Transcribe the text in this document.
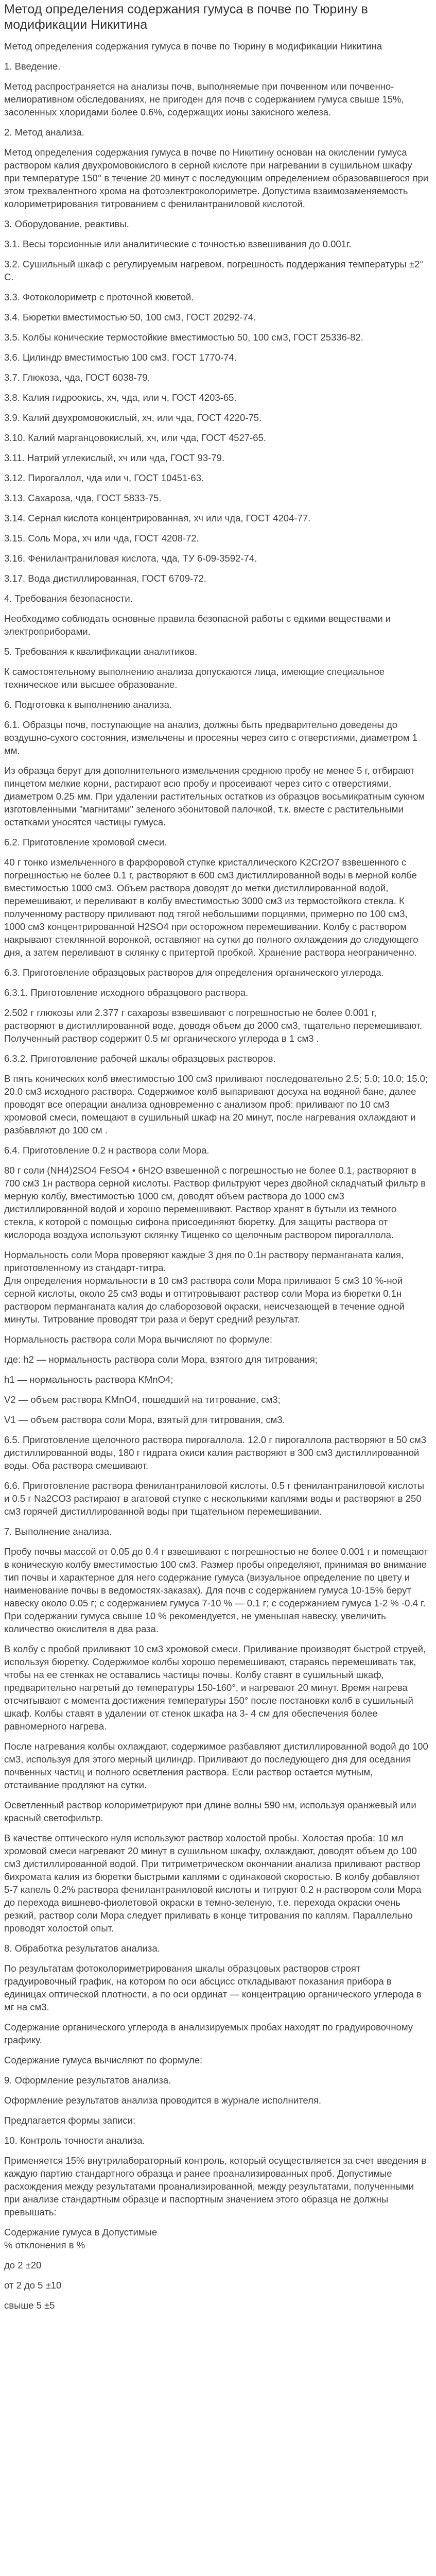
Метод определения содержания гумуса в почве по Тюрину в модификации Никитина

Метод определения содержания гумуса в почве по Тюрину в модификации Никитина

1. Введение.

Метод распространяется на анализы почв, выполняемые при почвенном или почвенно-мелиоративном обследованиях, не пригоден для почв с содержанием гумуса свыше 15%, засоленных хлоридами более 0.6%, содержащих ионы закисного железа.

2. Метод анализа.

Метод определения содержания гумуса в почве по Никитину основан на окислении гумуса раствором калия двухромовокислого в серной кислоте при нагревании в сушильном шкафу при температуре 150° в течение 20 минут с последующим определением образовавшегося при этом трехвалентного хрома на фотоэлектроколориметре. Допустима взаимозаменяемость колориметрирования титрованием с фенилантраниловой кислотой.

3. Оборудование, реактивы.

3.1. Весы торсионные или аналитические с точностью взвешивания до 0.001г.

3.2. Сушильный шкаф с регулируемым нагревом, погрешность поддержания температуры ±2° С.

3.3. Фотоколориметр с проточной кюветой.

3.4. Бюретки вместимостью 50, 100 см3, ГОСТ 20292-74.

3.5. Колбы конические термостойкие вместимостью 50, 100 см3, ГОСТ 25336-82.

3.6. Цилиндр вместимостью 100 см3, ГОСТ 1770-74.

3.7. Глюкоза, чда, ГОСТ 6038-79.

3.8. Калия гидроокись, хч, чда, или ч, ГОСТ 4203-65.

3.9. Калий двухромовокислый, хч, или чда, ГОСТ 4220-75.

3.10. Калий марганцовокислый, хч, или чда, ГОСТ 4527-65.

3.11. Натрий углекислый, хч или чда, ГОСТ 93-79.

3.12. Пирогаллол, чда или ч, ГОСТ 10451-63.

3.13. Сахароза, чда, ГОСТ 5833-75.

3.14. Серная кислота концентрированная, хч или чда, ГОСТ 4204-77.

3.15. Соль Мора, хч или чда, ГОСТ 4208-72.

3.16. Фенилантраниловая кислота, чда, ТУ 6-09-3592-74.

3.17. Вода дистиллированная, ГОСТ 6709-72.

4. Требования безопасности.

Необходимо соблюдать основные правила безопасной работы с едкими веществами и электроприборами.

5. Требования к квалификации аналитиков.

К самостоятельному выполнению анализа допускаются лица, имеющие специальное техническое или высшее образование.

6. Подготовка к выполнению анализа.

6.1. Образцы почв, поступающие на анализ, должны быть предварительно доведены до воздушно-сухого состояния, измельчены и просеяны через сито с отверстиями, диаметром 1 мм.

Из образца берут для дополнительного измельчения среднюю пробу не менее 5 г, отбирают пинцетом мелкие корни, растирают всю пробу и просеивают через сито с отверстиями, диаметром 0.25 мм. При удалении растительных остатков из образцов восьмикратным сукном изготовленными "магнитами" зеленого эбонитовой палочкой, т.к. вместе с растительными остатками уносятся частицы гумуса.

6.2. Приготовление хромовой смеси.

40 г тонко измельченного в фарфоровой ступке кристаллического K2Cr2O7 взвешенного с погрешностью не более 0.1 г, растворяют в 600 см3 дистиллированной воды в мерной колбе вместимостью 1000 см3. Объем раствора доводят до метки дистиллированной водой, перемешивают, и переливают в колбу вместимостью 3000 см3 из термостойкого стекла. К полученному раствору приливают под тягой небольшими порциями, примерно по 100 см3, 1000 см3 концентрированной H2SO4 при осторожном перемешивании. Колбу с раствором накрывают стеклянной воронкой, оставляют на сутки до полного охлаждения до следующего дня, а затем переливают в склянку с притертой пробкой. Хранение раствора неограниченно.

6.3. Приготовление образцовых растворов для определения органического углерода.

6.3.1. Приготовление исходного образцового раствора.

2.502 г глюкозы или 2.377 г сахарозы взвешивают с погрешностью не более 0.001 г, растворяют в дистиллированной воде, доводя объем до 2000 см3, тщательно перемешивают. Полученный раствор содержит 0.5 мг органического углерода в 1 см3 .

6.3.2. Приготовление рабочей шкалы образцовых растворов.

В пять конических колб вместимостью 100 см3 приливают последовательно 2.5; 5.0; 10.0; 15.0; 20.0 см3 исходного раствора. Содержимое колб выпаривают досуха на водяной бане, далее проводят все операции анализа одновременно с анализом проб: приливают по 10 см3 хромовой смеси, помещают в сушильный шкаф на 20 минут, после нагревания охлаждают и разбавляют до 100 см .

6.4. Приготовление 0.2 н раствора соли Мора.

80 г соли (NH4)2SO4 FeSO4 • 6H2O взвешенной с погрешностью не более 0.1, растворяют в 700 см3 1н раствора серной кислоты. Раствор фильтруют через двойной складчатый фильтр в мерную колбу, вместимостью 1000 см, доводят объем раствора до 1000 см3 дистиллированной водой и хорошо перемешивают. Раствор хранят в бутыли из темного стекла, к которой с помощью сифона присоединяют бюретку. Для защиты раствора от кислорода воздуха используют склянку Тищенко со щелочным раствором пирогаллола.

Нормальность соли Мора проверяют каждые 3 дня по 0.1н раствору перманганата калия, приготовленному из стандарт-титра.
Для определения нормальности в 10 см3 раствора соли Мора приливают 5 см3 10 %-ной серной кислоты, около 25 см3 воды и оттитровывают раствор соли Мора из бюретки 0.1н раствором перманганата калия до слаборозовой окраски, неисчезающей в течение одной минуты. Титрование проводят три раза и берут средний результат.

Нормальность раствора соли Мора вычисляют по формуле:

где: h2 — нормальность раствора соли Мора, взятого для титрования;

h1 — нормальность раствора KMnO4;

V2 — объем раствора KMnO4, пошедший на титрование, см3;

V1 — объем раствора соли Мора, взятый для титрования, см3.

6.5. Приготовление щелочного раствора пирогаллола. 12.0 г пирогаллола растворяют в 50 см3 дистиллированной воды, 180 г гидрата окиси калия растворяют в 300 см3 дистиллированной воды. Оба раствора смешивают.

6.6. Приготовление раствора фенилантраниловой кислоты. 0.5 г фенилантраниловой кислоты и 0.5 г Na2CO3 растирают в агатовой ступке с несколькими каплями воды и растворяют в 250 см3 горячей дистиллированной воды при тщательном перемешивании.

7. Выполнение анализа.

Пробу почвы массой от 0.05 до 0.4 г взвешивают с погрешностью не более 0.001 г и помещают в коническую колбу вместимостью 100 см3. Размер пробы определяют, принимая во внимание тип почвы и характерное для него содержание гумуса (визуальное определение по цвету и наименование почвы в ведомостях-заказах). Для почв с содержанием гумуса 10-15% берут навеску около 0.05 г; с содержанием гумуса 7-10 % — 0.1 г; с содержанием гумуса 1-2 % -0.4 г. При содержании гумуса свыше 10 % рекомендуется, не уменьшая навеску, увеличить количество окислителя в два раза.

В колбу с пробой приливают 10 см3 хромовой смеси. Приливание производят быстрой струей, используя бюретку. Содержимое колбы хорошо перемешивают, стараясь перемешивать так, чтобы на ее стенках не оставались частицы почвы. Колбу ставят в сушильный шкаф, предварительно нагретый до температуры 150-160°, и нагревают 20 минут. Время нагрева отсчитывают с момента достижения температуры 150° после постановки колб в сушильный шкаф. Колбы ставят в удалении от стенок шкафа на 3- 4 см для обеспечения более равномерного нагрева.

После нагревания колбы охлаждают, содержимое разбавляют дистиллированной водой до 100 см3, используя для этого мерный цилиндр. Приливают до последующего дня для оседания почвенных частиц и полного осветления раствора. Если раствор остается мутным, отстаивание продляют на сутки.

Осветленный раствор колориметрируют при длине волны 590 нм, используя оранжевый или красный светофильтр.

В качестве оптического нуля используют раствор холостой пробы. Холостая проба: 10 мл хромовой смеси нагревают 20 минут в сушильном шкафу, охлаждают, доводят объем до 100 см3 дистиллированной водой. При титриметрическом окончании анализа приливают раствор бихромата калия из бюретки быстрыми каплями с одинаковой скоростью. В колбу добавляют 5-7 капель 0.2% раствора фенилантраниловой кислоты и титруют 0.2 н раствором соли Мора до перехода вишнево-фиолетовой окраски в темно-зеленую, т.е. перехода окраски очень резкий, раствор соли Мора следует приливать в конце титрования по каплям. Параллельно проводят холостой опыт.

8. Обработка результатов анализа.

По результатам фотоколориметрирования шкалы образцовых растворов строят градуировочный график, на котором по оси абсцисс откладывают показания прибора в единицах оптической плотности, а по оси ординат — концентрацию органического углерода в мг на см3.

Содержание органического углерода в анализируемых пробах находят по градуировочному графику.

Содержание гумуса вычисляют по формуле:

9. Оформление результатов анализа.

Оформление результатов анализа проводится в журнале исполнителя.

Предлагается формы записи:

10. Контроль точности анализа.

Применяется 15% внутрилабораторный контроль, который осуществляется за счет введения в каждую партию стандартного образца и ранее проанализированных проб. Допустимые расхождения между результатами проанализированной, между результатами, полученными при анализе стандартным образце и паспортным значением этого образца не должны превышать:

Содержание гумуса в Допустимые
% отклонения в %

до 2 ±20

от 2 до 5 ±10

свыше 5 ±5
